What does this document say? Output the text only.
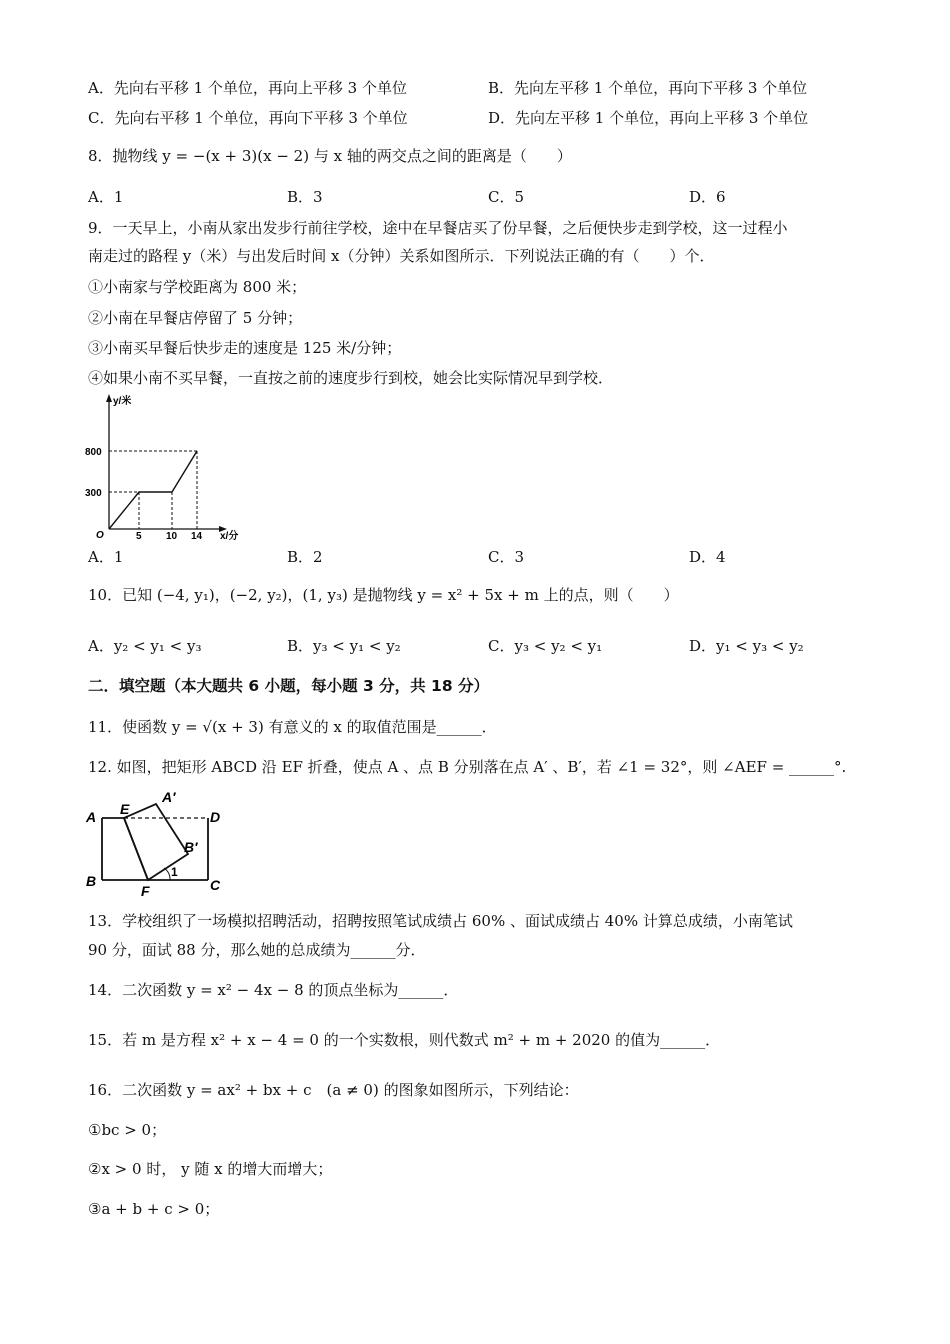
A．先向右平移 1 个单位，再向上平移 3 个单位	B．先向左平移 1 个单位，再向下平移 3 个单位
C．先向右平移 1 个单位，再向下平移 3 个单位	D．先向左平移 1 个单位，再向上平移 3 个单位
8．抛物线 y = −(x + 3)(x − 2) 与 x 轴的两交点之间的距离是（　　）
A．1	B．3	C．5	D．6
9．一天早上，小南从家出发步行前往学校，途中在早餐店买了份早餐，之后便快步走到学校，这一过程小
南走过的路程 y（米）与出发后时间 x（分钟）关系如图所示．下列说法正确的有（　　）个．
①小南家与学校距离为 800 米；
②小南在早餐店停留了 5 分钟；
③小南买早餐后快步走的速度是 125 米/分钟；
④如果小南不买早餐，一直按之前的速度步行到校，她会比实际情况早到学校．
y/米
x/分
O
800
300
5 10 14
A．1	B．2	C．3	D．4
10．已知 (−4, y₁)，(−2, y₂)，(1, y₃) 是抛物线 y = x² + 5x + m 上的点，则（　　）
A．y₂ < y₁ < y₃	B．y₃ < y₁ < y₂	C．y₃ < y₂ < y₁	D．y₁ < y₃ < y₂
二．填空题（本大题共 6 小题，每小题 3 分，共 18 分）
11．使函数 y = √(x + 3) 有意义的 x 的取值范围是______．
12. 如图，把矩形 ABCD 沿 EF 折叠，使点 A 、点 B 分别落在点 A′ 、B′，若 ∠1 = 32°，则 ∠AEF = ______°.
A
B	C
D
E
F
A′
B′
1
13．学校组织了一场模拟招聘活动，招聘按照笔试成绩占 60% 、面试成绩占 40% 计算总成绩，小南笔试
90 分，面试 88 分，那么她的总成绩为______分．
14．二次函数 y = x² − 4x − 8 的顶点坐标为______．
15．若 m 是方程 x² + x − 4 = 0 的一个实数根，则代数式 m² + m + 2020 的值为______．
16．二次函数 y = ax² + bx + c　(a ≠ 0) 的图象如图所示，下列结论：
①bc > 0；
②x > 0 时， y 随 x 的增大而增大；
③a + b + c > 0；
